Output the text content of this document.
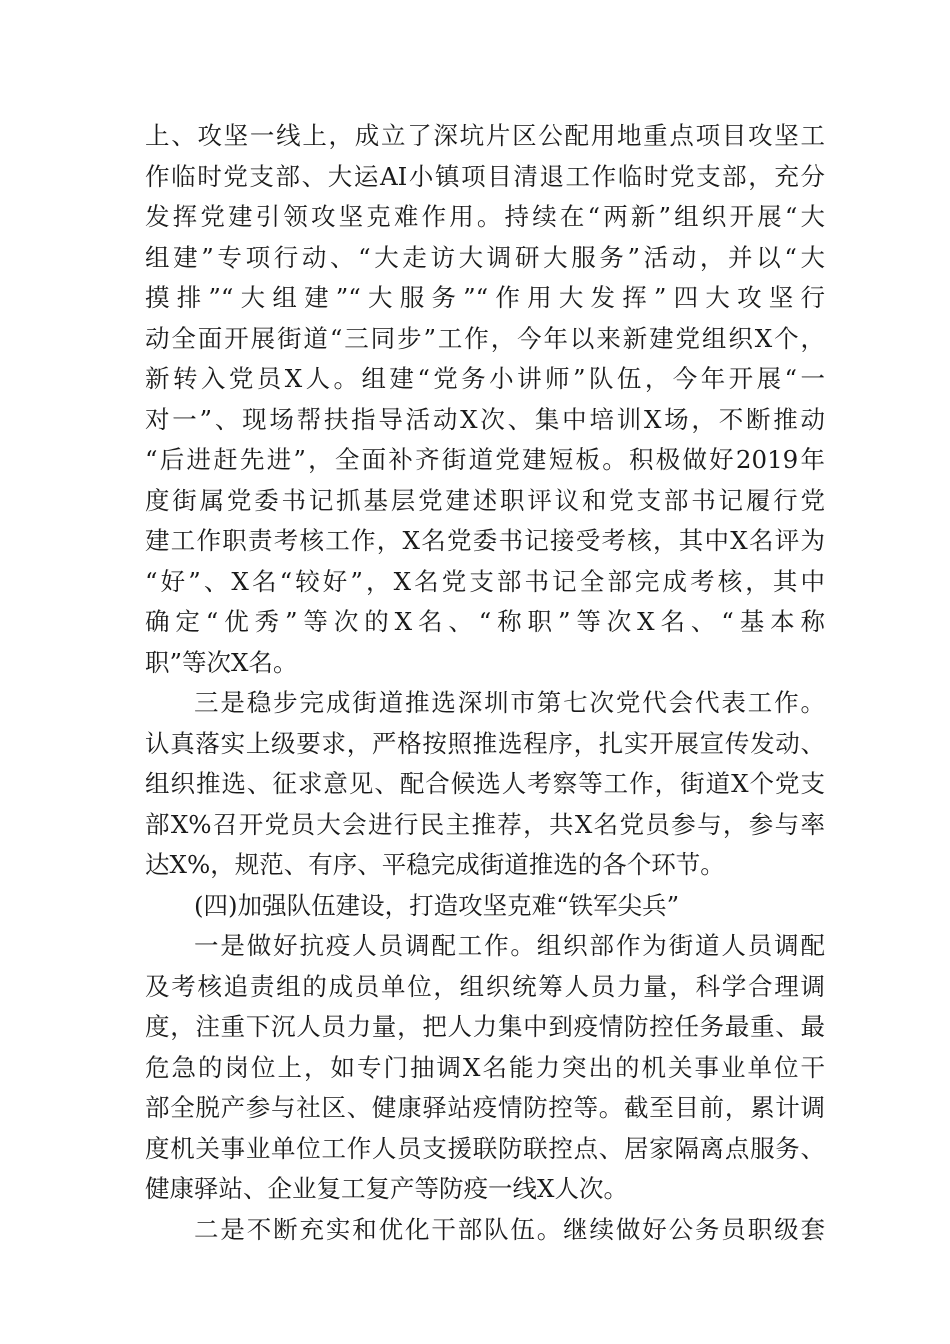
上、攻坚一线上，成立了深坑片区公配用地重点项目攻坚工
作临时党支部、大运AI小镇项目清退工作临时党支部，充分
发挥党建引领攻坚克难作用。持续在“两新”组织开展“大
组建”专项行动、“大走访大调研大服务”活动，并以“大
摸排”“大组建”“大服务”“作用大发挥”四大攻坚行
动全面开展街道“三同步”工作，今年以来新建党组织X个，
新转入党员X人。组建“党务小讲师”队伍，今年开展“一
对一”、现场帮扶指导活动X次、集中培训X场，不断推动
“后进赶先进”，全面补齐街道党建短板。积极做好2019年
度街属党委书记抓基层党建述职评议和党支部书记履行党
建工作职责考核工作，X名党委书记接受考核，其中X名评为
“好”、X名“较好”，X名党支部书记全部完成考核，其中
确定“优秀”等次的X名、“称职”等次X名、“基本称
职”等次X名。
三是稳步完成街道推选深圳市第七次党代会代表工作。
认真落实上级要求，严格按照推选程序，扎实开展宣传发动、
组织推选、征求意见、配合候选人考察等工作，街道X个党支
部X%召开党员大会进行民主推荐，共X名党员参与，参与率
达X%，规范、有序、平稳完成街道推选的各个环节。
(四)加强队伍建设，打造攻坚克难“铁军尖兵”
一是做好抗疫人员调配工作。组织部作为街道人员调配
及考核追责组的成员单位，组织统筹人员力量，科学合理调
度，注重下沉人员力量，把人力集中到疫情防控任务最重、最
危急的岗位上，如专门抽调X名能力突出的机关事业单位干
部全脱产参与社区、健康驿站疫情防控等。截至目前，累计调
度机关事业单位工作人员支援联防联控点、居家隔离点服务、
健康驿站、企业复工复产等防疫一线X人次。
二是不断充实和优化干部队伍。继续做好公务员职级套
